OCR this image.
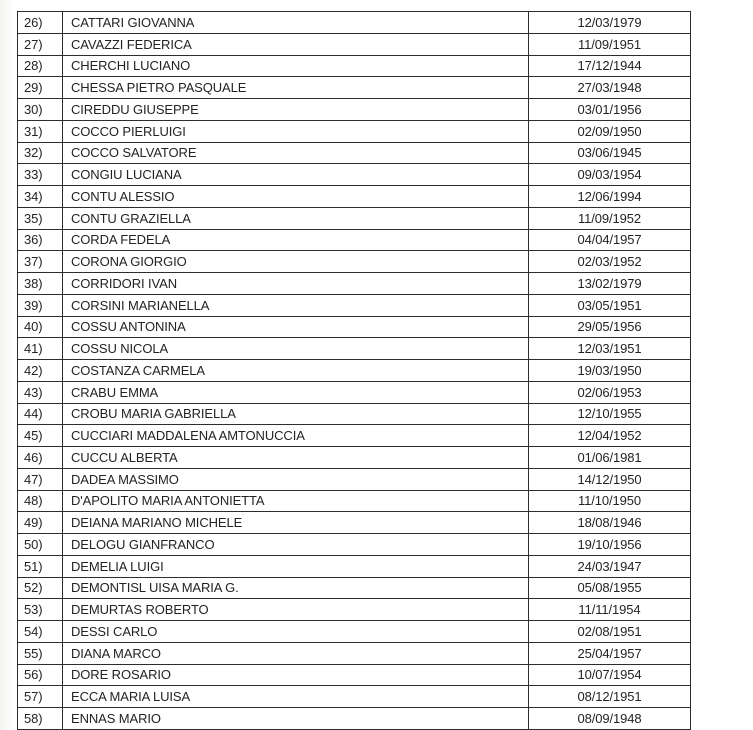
26)	CATTARI GIOVANNA	12/03/1979
27)	CAVAZZI FEDERICA	11/09/1951
28)	CHERCHI LUCIANO	17/12/1944
29)	CHESSA PIETRO PASQUALE	27/03/1948
30)	CIREDDU GIUSEPPE	03/01/1956
31)	COCCO PIERLUIGI	02/09/1950
32)	COCCO SALVATORE	03/06/1945
33)	CONGIU LUCIANA	09/03/1954
34)	CONTU ALESSIO	12/06/1994
35)	CONTU GRAZIELLA	11/09/1952
36)	CORDA FEDELA	04/04/1957
37)	CORONA GIORGIO	02/03/1952
38)	CORRIDORI IVAN	13/02/1979
39)	CORSINI MARIANELLA	03/05/1951
40)	COSSU ANTONINA	29/05/1956
41)	COSSU NICOLA	12/03/1951
42)	COSTANZA CARMELA	19/03/1950
43)	CRABU EMMA	02/06/1953
44)	CROBU MARIA GABRIELLA	12/10/1955
45)	CUCCIARI MADDALENA AMTONUCCIA	12/04/1952
46)	CUCCU ALBERTA	01/06/1981
47)	DADEA MASSIMO	14/12/1950
48)	D'APOLITO MARIA ANTONIETTA	11/10/1950
49)	DEIANA MARIANO MICHELE	18/08/1946
50)	DELOGU GIANFRANCO	19/10/1956
51)	DEMELIA LUIGI	24/03/1947
52)	DEMONTISL UISA MARIA G.	05/08/1955
53)	DEMURTAS ROBERTO	11/11/1954
54)	DESSI CARLO	02/08/1951
55)	DIANA MARCO	25/04/1957
56)	DORE ROSARIO	10/07/1954
57)	ECCA MARIA LUISA	08/12/1951
58)	ENNAS MARIO	08/09/1948
